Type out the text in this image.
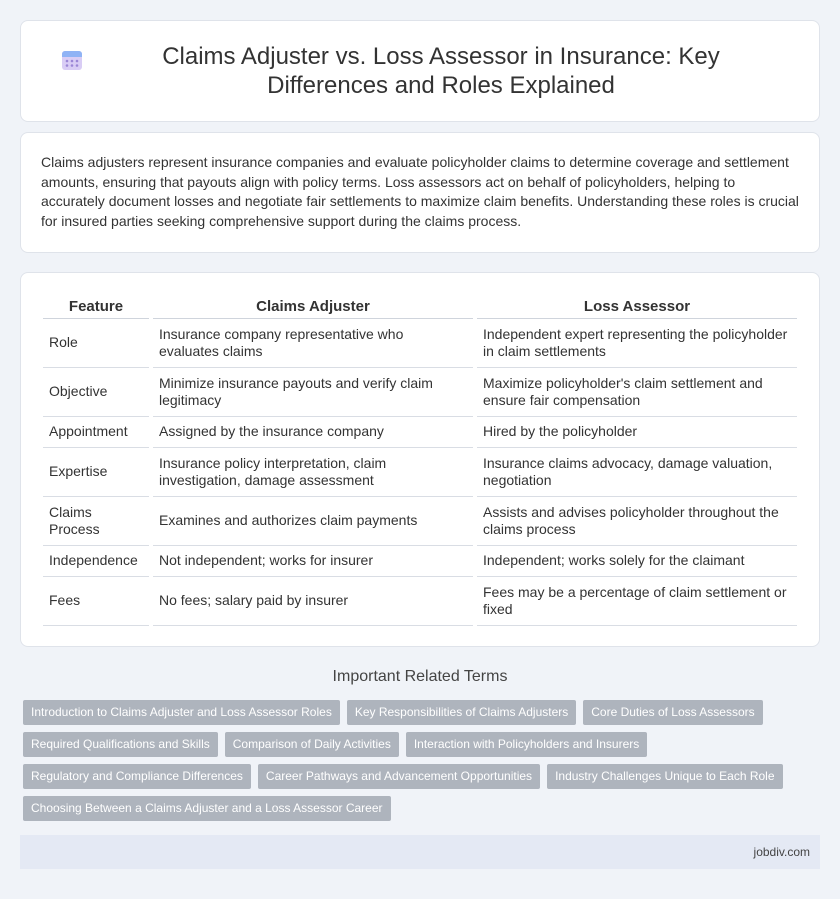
Claims Adjuster vs. Loss Assessor in Insurance: Key Differences and Roles Explained

Claims adjusters represent insurance companies and evaluate policyholder claims to determine coverage and settlement amounts, ensuring that payouts align with policy terms. Loss assessors act on behalf of policyholders, helping to accurately document losses and negotiate fair settlements to maximize claim benefits. Understanding these roles is crucial for insured parties seeking comprehensive support during the claims process.

Feature		Claims Adjuster		Loss Assessor
Role		Insurance company representative who evaluates claims		Independent expert representing the policyholder in claim settlements
Objective		Minimize insurance payouts and verify claim legitimacy		Maximize policyholder's claim settlement and ensure fair compensation
Appointment		Assigned by the insurance company		Hired by the policyholder
Expertise		Insurance policy interpretation, claim investigation, damage assessment		Insurance claims advocacy, damage valuation, negotiation
Claims Process		Examines and authorizes claim payments		Assists and advises policyholder throughout the claims process
Independence		Not independent; works for insurer		Independent; works solely for the claimant
Fees		No fees; salary paid by insurer		Fees may be a percentage of claim settlement or fixed
Important Related Terms
Introduction to Claims Adjuster and Loss Assessor Roles	Key Responsibilities of Claims Adjusters	Core Duties of Loss Assessors
Required Qualifications and Skills	Comparison of Daily Activities	Interaction with Policyholders and Insurers
Regulatory and Compliance Differences	Career Pathways and Advancement Opportunities	Industry Challenges Unique to Each Role
Choosing Between a Claims Adjuster and a Loss Assessor Career
jobdiv.com
